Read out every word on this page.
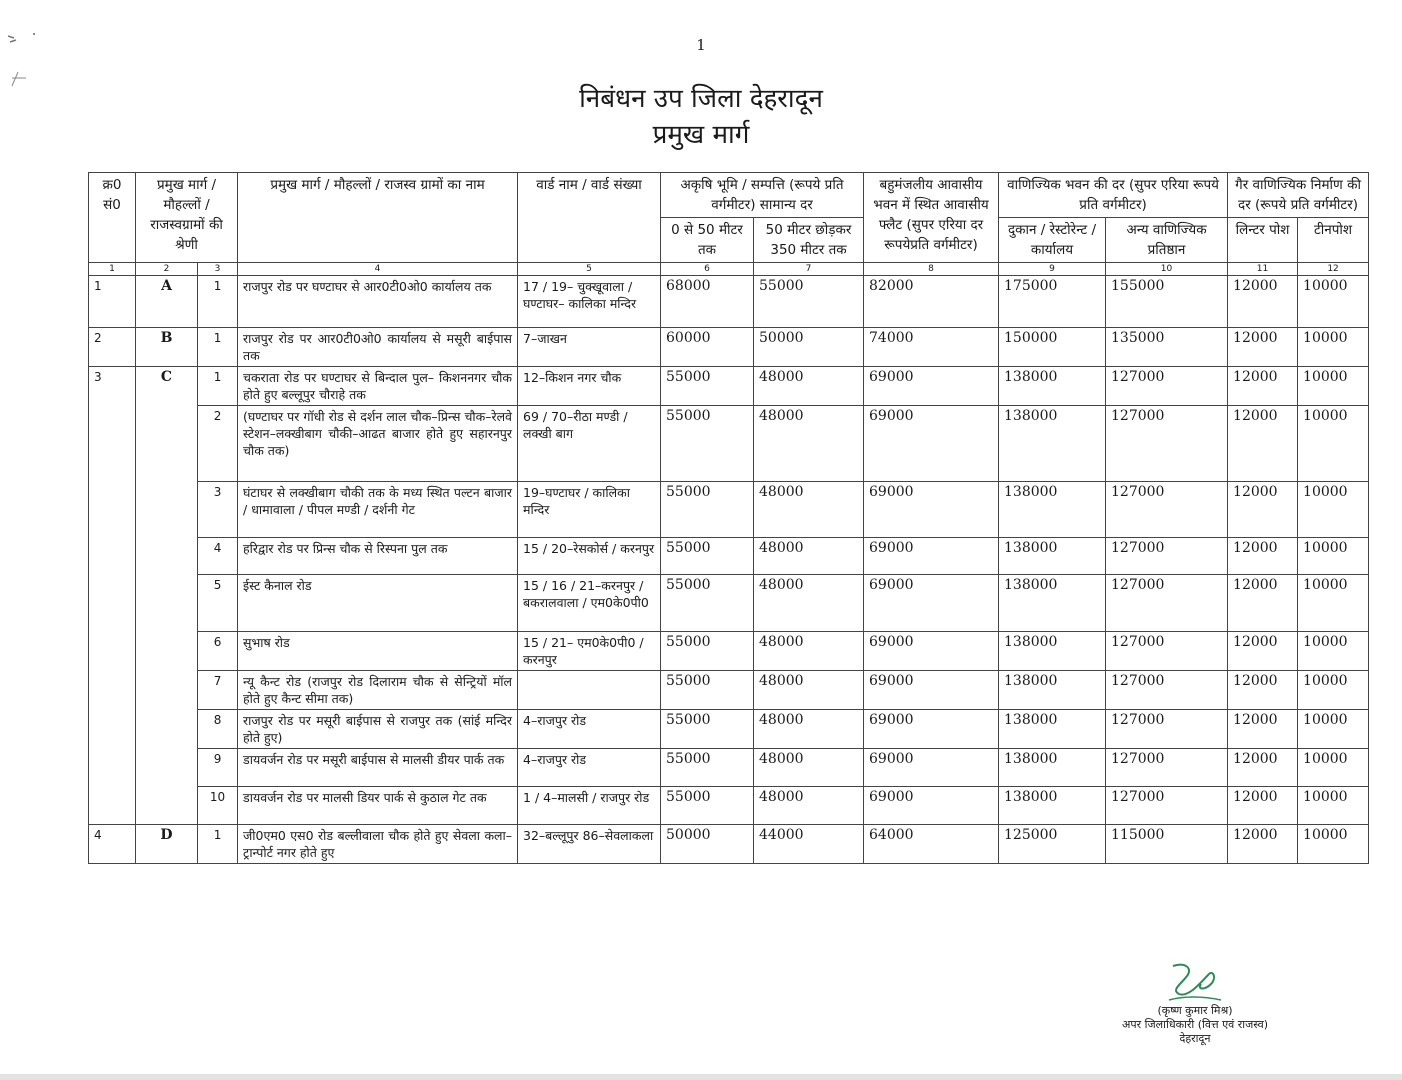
1
निबंधन उप जिला देहरादून
प्रमुख मार्ग
क्र0 सं0	प्रमुख मार्ग / मौहल्लों / राजस्वग्रामों की श्रेणी		प्रमुख मार्ग / मौहल्लों / राजस्व ग्रामों का नाम	वार्ड नाम / वार्ड संख्या	अकृषि भूमि / सम्पत्ति (रूपये प्रति वर्गमीटर) सामान्य दर		बहुमंजलीय आवासीय भवन में स्थित आवासीय फ्लैट (सुपर एरिया दर रूपयेप्रति वर्गमीटर)	वाणिज्यिक भवन की दर (सुपर एरिया रूपये प्रति वर्गमीटर)		गैर वाणिज्यिक निर्माण की दर (रूपये प्रति वर्गमीटर)	
					0 से 50 मीटर तक	50 मीटर छोड़कर 350 मीटर तक		दुकान / रेस्टोरेन्ट / कार्यालय	अन्य वाणिज्यिक प्रतिष्ठान	लिन्टर पोश	टीनपोश
1	2	3	4	5	6	7	8	9	10	11	12
1	A	1	राजपुर रोड पर घण्टाघर से आर0टी0ओ0 कार्यालय तक	17 / 19– चुक्खूवाला / घण्टाघर– कालिका मन्दिर	68000	55000	82000	175000	155000	12000	10000
2	B	1	राजपुर रोड पर आर0टी0ओ0 कार्यालय से मसूरी बाईपास तक	7–जाखन	60000	50000	74000	150000	135000	12000	10000
3	C	1	चकराता रोड पर घण्टाघर से बिन्दाल पुल– किशननगर चौक होते हुए बल्लूपुर चौराहे तक	12–किशन नगर चौक	55000	48000	69000	138000	127000	12000	10000
		2	(घण्टाघर पर गॉधी रोड से दर्शन लाल चौक–प्रिन्स चौक–रेलवे स्टेशन–लक्खीबाग चौकी–आढत बाजार होते हुए सहारनपुर चौक तक)	69 / 70–रीठा मण्डी / लक्खी बाग	55000	48000	69000	138000	127000	12000	10000
		3	घंटाघर से लक्खीबाग चौकी तक के मध्य स्थित पल्टन बाजार / धामावाला / पीपल मण्डी / दर्शनी गेट	19–घण्टाघर / कालिका मन्दिर	55000	48000	69000	138000	127000	12000	10000
		4	हरिद्वार रोड पर प्रिन्स चौक से रिस्पना पुल तक	15 / 20–रेसकोर्स / करनपुर	55000	48000	69000	138000	127000	12000	10000
		5	ईस्ट कैनाल रोड	15 / 16 / 21–करनपुर / बकरालवाला / एम0के0पी0	55000	48000	69000	138000	127000	12000	10000
		6	सुभाष रोड	15 / 21– एम0के0पी0 / करनपुर	55000	48000	69000	138000	127000	12000	10000
		7	न्यू कैन्ट रोड (राजपुर रोड दिलाराम चौक से सेन्ट्रियों मॉल होते हुए कैन्ट सीमा तक)		55000	48000	69000	138000	127000	12000	10000
		8	राजपुर रोड पर मसूरी बाईपास से राजपुर तक (सांई मन्दिर होते हुए)	4–राजपुर रोड	55000	48000	69000	138000	127000	12000	10000
		9	डायवर्जन रोड पर मसूरी बाईपास से मालसी डीयर पार्क तक	4–राजपुर रोड	55000	48000	69000	138000	127000	12000	10000
		10	डायवर्जन रोड पर मालसी डियर पार्क से कुठाल गेट तक	1 / 4–मालसी / राजपुर रोड	55000	48000	69000	138000	127000	12000	10000
4	D	1	जी0एम0 एस0 रोड बल्लीवाला चौक होते हुए सेवला कला– ट्रान्पोर्ट नगर होते हुए	32–बल्लूपुर 86–सेवलाकला	50000	44000	64000	125000	115000	12000	10000
(कृष्ण कुमार मिश्र)
अपर जिलाधिकारी (वित्त एवं राजस्व)
देहरादून
